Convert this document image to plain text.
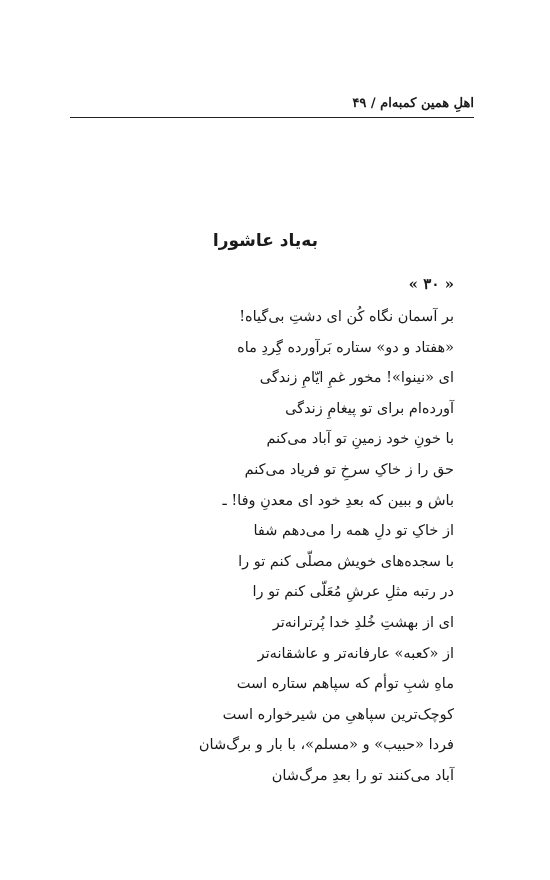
اهلِ همین کمبه‌ام / ۴۹
به‌یاد عاشورا
« ۳۰ »
بر آسمان نگاه کُن ای دشتِ بی‌گیاه!
«هفتاد و دو» ستاره بَرآورده گِردِ ماه
ای «نینوا»! مخور غمِ ایّامِ زندگی
آورده‌ام برای تو پیغامِ زندگی
با خونِ خود زمینِ تو آباد می‌کنم
حق را ز خاکِ سرخِ تو فریاد می‌کنم
باش و ببین که بعدِ خود ای معدنِ وفا! ـ
از خاکِ تو دلِ همه را می‌دهم شفا
با سجده‌های خویش مصلّی کنم تو را
در رتبه مثلِ عرشِ مُعَلّی کنم تو را
ای از بهشتِ خُلدِ خدا پُرترانه‌تر
از «کعبه» عارفانه‌تر و عاشقانه‌تر
ماهِ شبِ توأم که سپاهم ستاره است
کوچک‌ترین سپاهیِ من شیرخواره است
فردا «حبیب» و «مسلم»، با بار و برگ‌شان
آباد می‌کنند تو را بعدِ مرگ‌شان
